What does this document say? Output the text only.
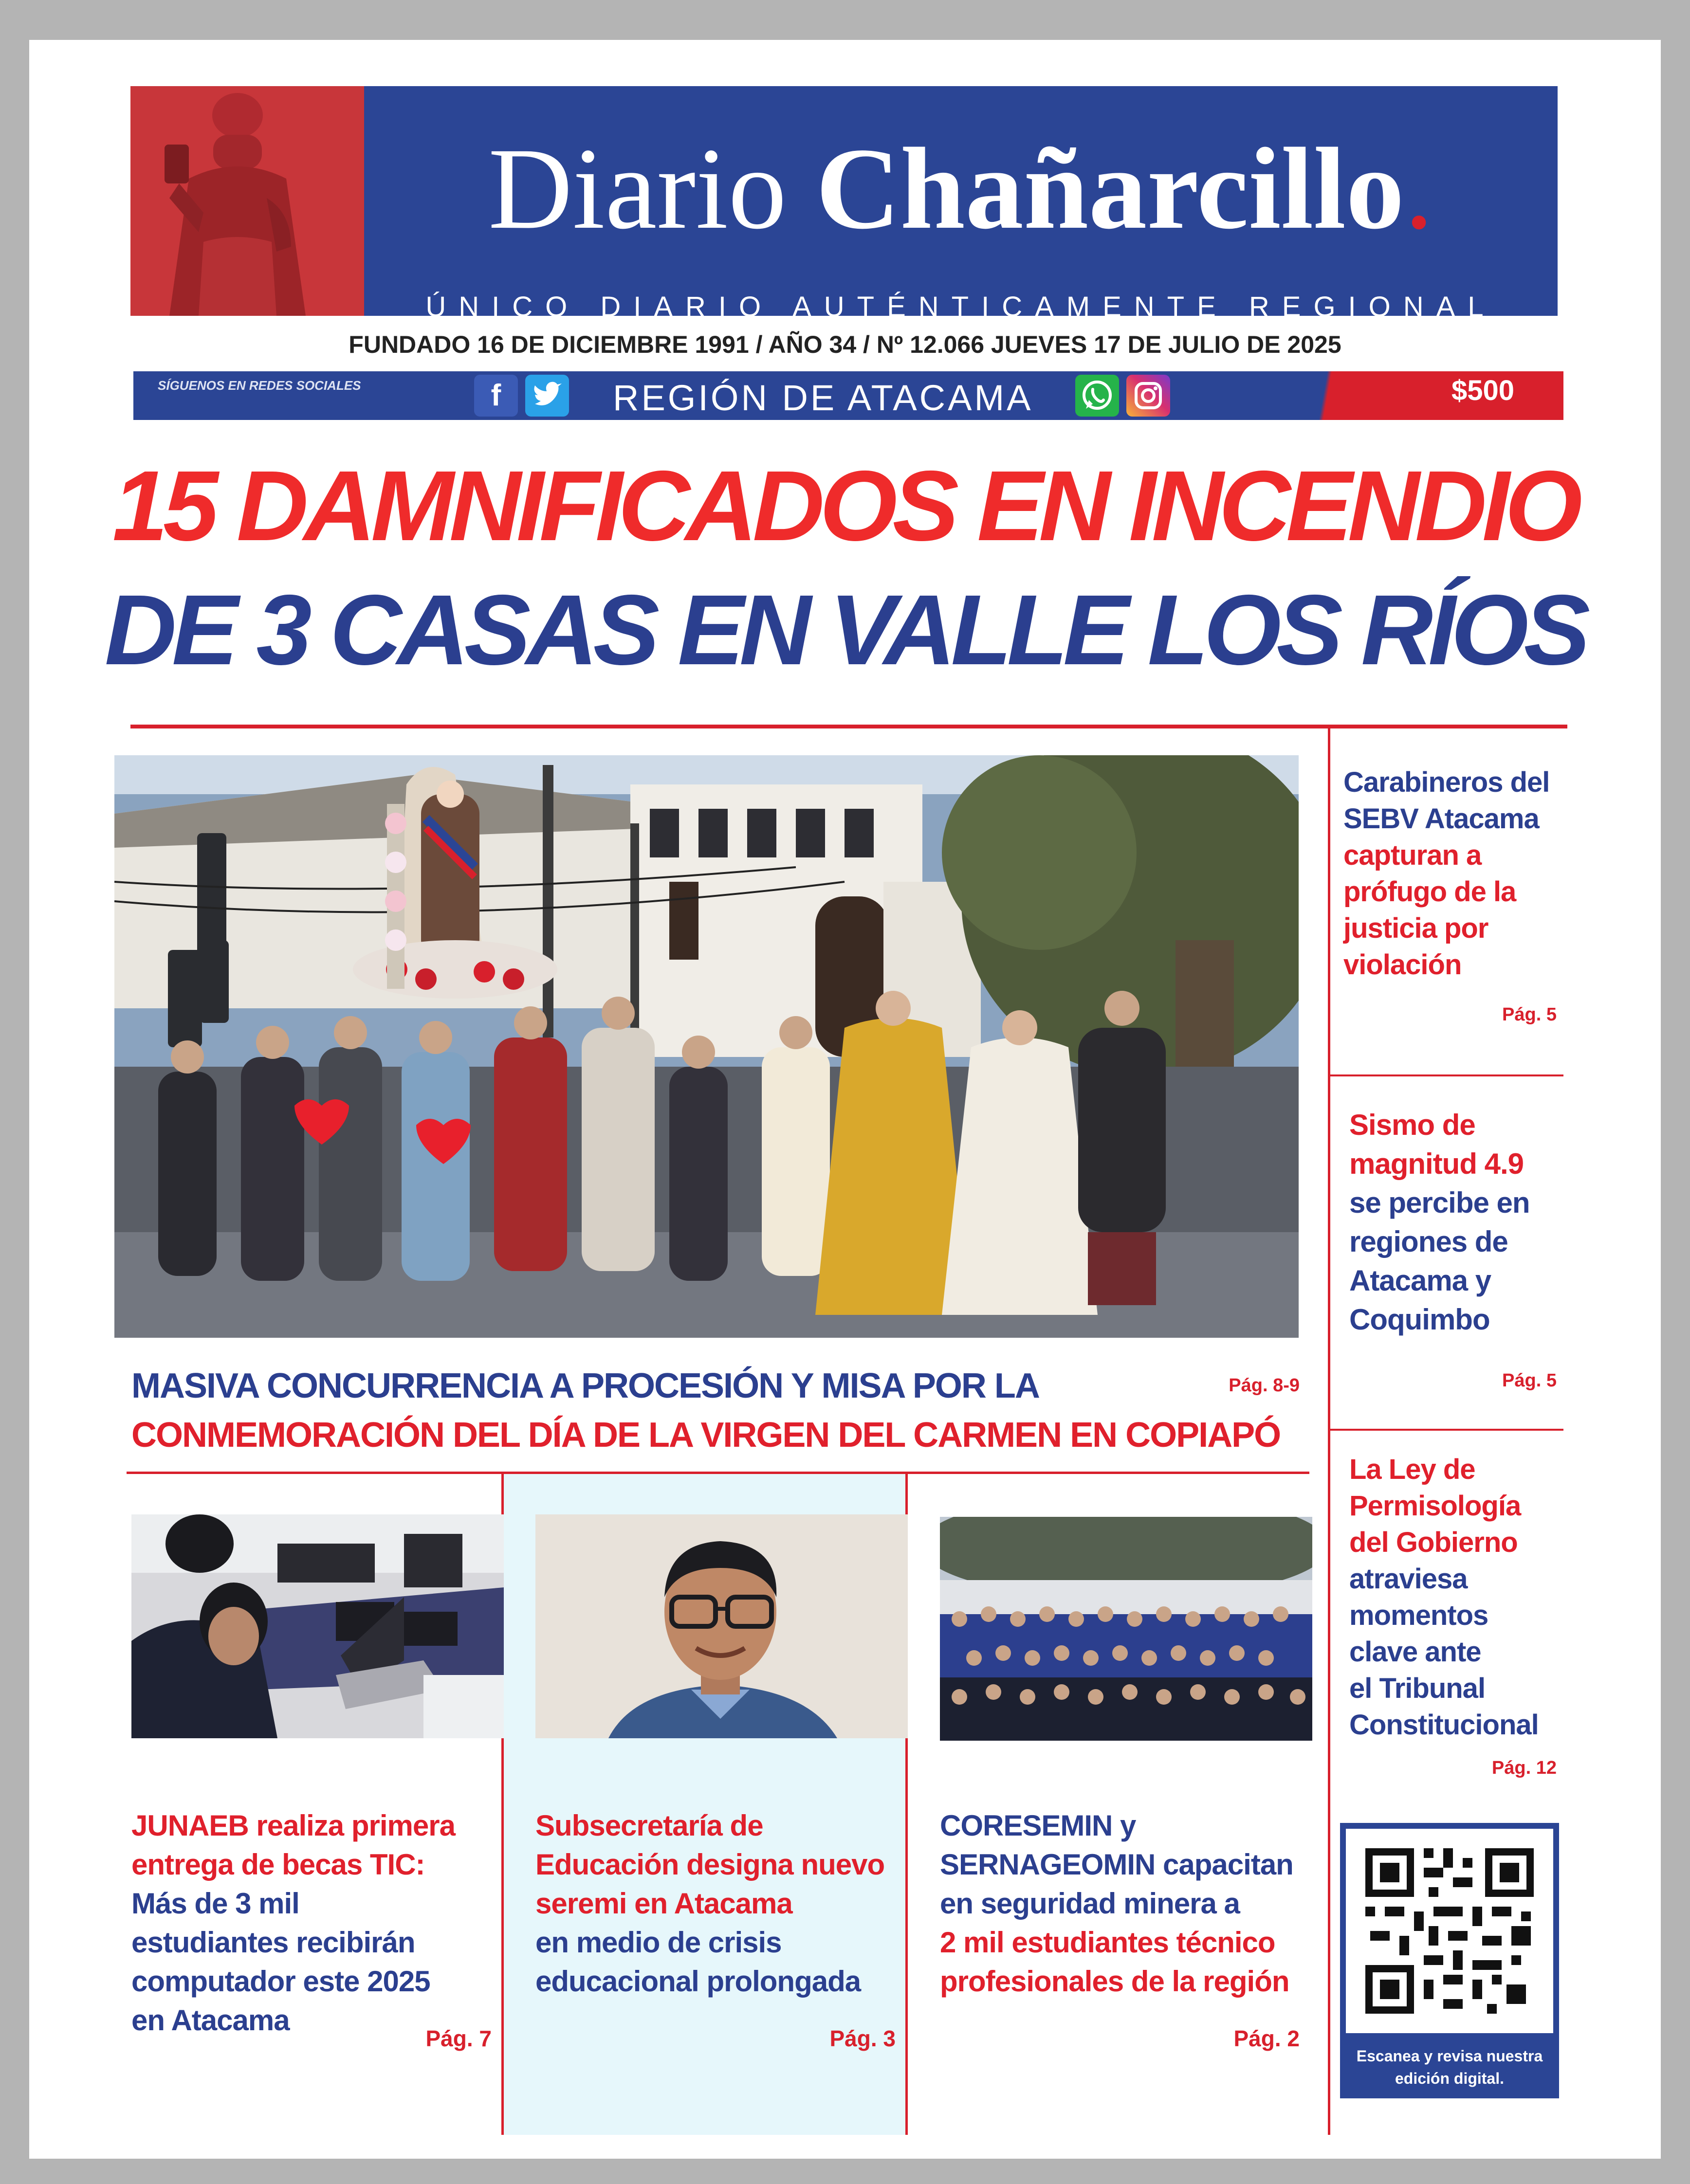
Diario Chañarcillo.
ÚNICO DIARIO AUTÉNTICAMENTE REGIONAL
FUNDADO 16 DE DICIEMBRE 1991 / AÑO 34 / Nº 12.066 JUEVES 17 DE JULIO DE 2025
SÍGUENOS EN REDES SOCIALES	f	REGIÓN DE ATACAMA	$500
15 DAMNIFICADOS EN INCENDIO
DE 3 CASAS EN VALLE LOS RÍOS
MASIVA CONCURRENCIA A PROCESIÓN Y MISA POR LA
CONMEMORACIÓN DEL DÍA DE LA VIRGEN DEL CARMEN EN COPIAPÓ
Pág. 8-9
Carabineros del
SEBV Atacama
capturan a
prófugo de la
justicia por
violación
Pág. 5
Sismo de
magnitud 4.9
se percibe en
regiones de
Atacama y
Coquimbo
Pág. 5
La Ley de
Permisología
del Gobierno
atraviesa
momentos
clave ante
el Tribunal
Constitucional
Pág. 12
Escanea y revisa nuestra
edición digital.
JUNAEB realiza primera
entrega de becas TIC:
Más de 3 mil
estudiantes recibirán
computador este 2025
en Atacama
Pág. 7
Subsecretaría de
Educación designa nuevo
seremi en Atacama
en medio de crisis
educacional prolongada
Pág. 3
CORESEMIN y
SERNAGEOMIN capacitan
en seguridad minera a
2 mil estudiantes técnico
profesionales de la región
Pág. 2
